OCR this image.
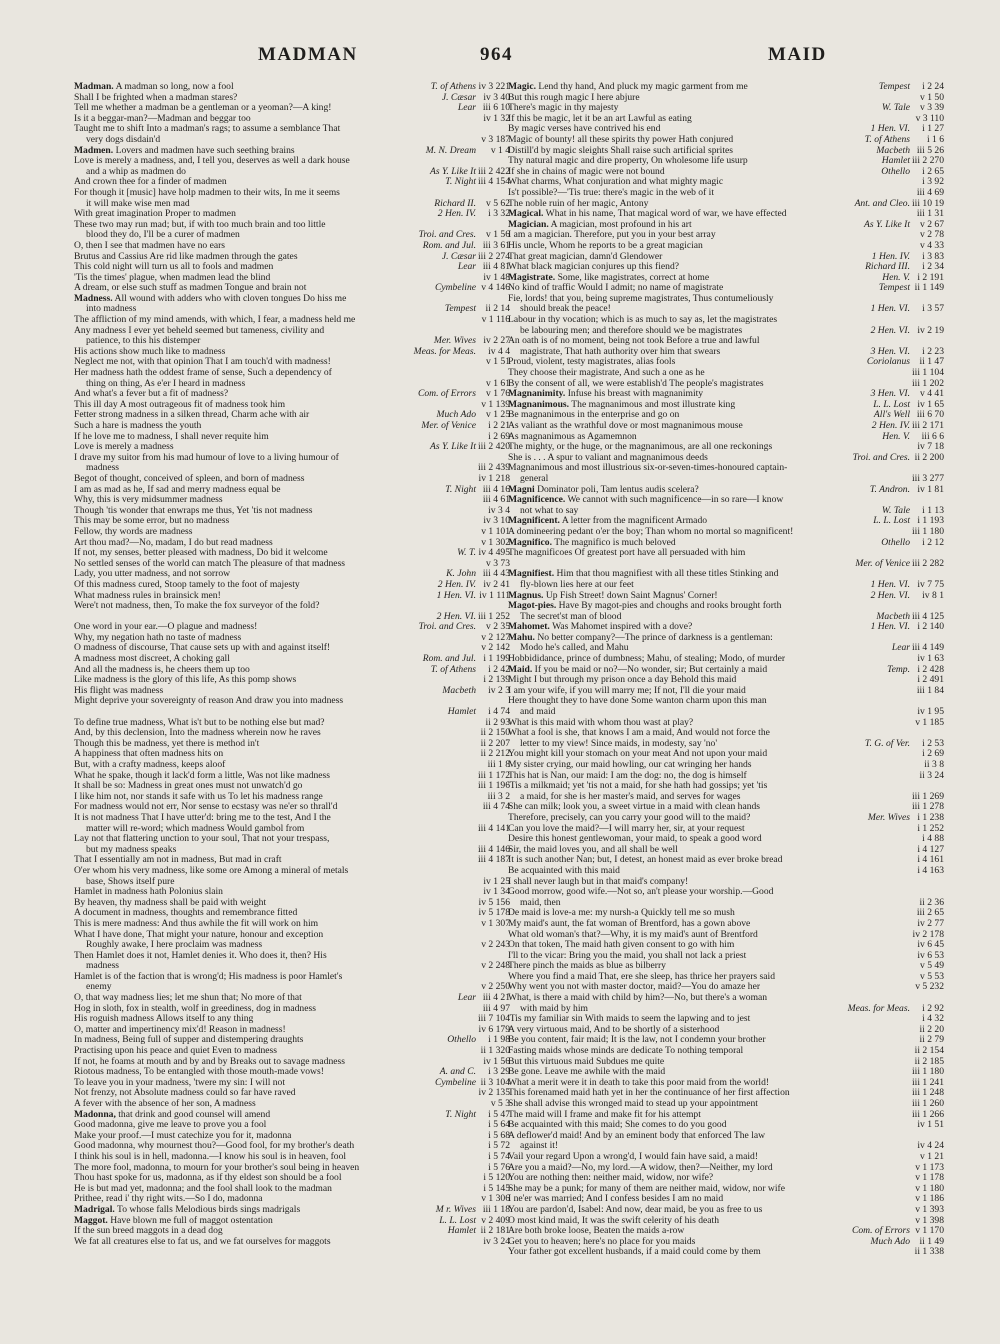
MADMAN	964	MAID
Madman. A madman so long, now a fool	T. of Athens iv 3 221
Shall I be frighted when a madman stares?	J. Cæsar iv 3 40
Tell me whether a madman be a gentleman or a yeoman?—A king!	Lear iii 6 10
Is it a beggar-man?—Madman and beggar too	iv 1 32
Taught me to shift Into a madman's rags; to assume a semblance That
very dogs disdain'd	v 3 187
Madmen. Lovers and madmen have such seething brains	M. N. Dream	v 1 4
Love is merely a madness, and, I tell you, deserves as well a dark house
and a whip as madmen do	As Y. Like It iii 2 422
And crown thee for a finder of madmen	T. Night iii 4 154
For though it [music] have holp madmen to their wits, In me it seems
it will make wise men mad	Richard II.	v 5 62
With great imagination Proper to madmen	2 Hen. IV.	i 3 32
These two may run mad; but, if with too much brain and too little
blood they do, I'll be a curer of madmen	Troi. and Cres.	v 1 56
O, then I see that madmen have no ears	Rom. and Jul. iii 3 61
Brutus and Cassius Are rid like madmen through the gates	J. Cæsar iii 2 274
This cold night will turn us all to fools and madmen	Lear iii 4 81
'Tis the times' plague, when madmen lead the blind	iv 1 48
A dream, or else such stuff as madmen Tongue and brain not	Cymbeline v 4 146
Madness. All wound with adders who with cloven tongues Do hiss me
into madness	Tempest ii 2 14
The affliction of my mind amends, with which, I fear, a madness held me	v 1 116
Any madness I ever yet beheld seemed but tameness, civility and
patience, to this his distemper	Mer. Wives iv 2 27
His actions show much like to madness	Meas. for Meas.	iv 4 4
Neglect me not, with that opinion That I am touch'd with madness!	v 1 51
Her madness hath the oddest frame of sense, Such a dependency of
thing on thing, As e'er I heard in madness	v 1 61
And what's a fever but a fit of madness?	Com. of Errors	v 1 76
This ill day A most outrageous fit of madness took him	v 1 139
Fetter strong madness in a silken thread, Charm ache with air	Much Ado	v 1 25
Such a hare is madness the youth	Mer. of Venice	i 2 21
If he love me to madness, I shall never requite him	i 2 69
Love is merely a madness	As Y. Like It iii 2 420
I drave my suitor from his mad humour of love to a living humour of
madness	iii 2 439
Begot of thought, conceived of spleen, and born of madness	iv 1 218
I am as mad as he, If sad and merry madness equal be	T. Night iii 4 16
Why, this is very midsummer madness	iii 4 61
Though 'tis wonder that enwraps me thus, Yet 'tis not madness	iv 3 4
This may be some error, but no madness	iv 3 10
Fellow, thy words are madness	v 1 101
Art thou mad?—No, madam, I do but read madness	v 1 302
If not, my senses, better pleased with madness, Do bid it welcome	W. T. iv 4 495
No settled senses of the world can match The pleasure of that madness	v 3 73
Lady, you utter madness, and not sorrow	K. John iii 4 43
Of this madness cured, Stoop tamely to the foot of majesty	2 Hen. IV. iv 2 41
What madness rules in brainsick men!	1 Hen. VI. iv 1 111
Were't not madness, then, To make the fox surveyor of the fold?
2 Hen. VI. iii 1 252
One word in your ear.—O plague and madness!	Troi. and Cres.	v 2 35
Why, my negation hath no taste of madness	v 2 127
O madness of discourse, That cause sets up with and against itself!	v 2 142
A madness most discreet, A choking gall	Rom. and Jul. i 1 199
And all the madness is, he cheers them up too	T. of Athens	i 2 42
Like madness is the glory of this life, As this pomp shows	i 2 139
His flight was madness	Macbeth	iv 2 3
Might deprive your sovereignty of reason And draw you into madness
Hamlet	i 4 74
To define true madness, What is't but to be nothing else but mad?	ii 2 93
And, by this declension, Into the madness wherein now he raves	ii 2 150
Though this be madness, yet there is method in't	ii 2 207
A happiness that often madness hits on	ii 2 212
But, with a crafty madness, keeps aloof	iii 1 8
What he spake, though it lack'd form a little, Was not like madness	iii 1 172
It shall be so: Madness in great ones must not unwatch'd go	iii 1 196
I like him not, nor stands it safe with us To let his madness range	iii 3 2
For madness would not err, Nor sense to ecstasy was ne'er so thrall'd	iii 4 74
It is not madness That I have utter'd: bring me to the test, And I the
matter will re-word; which madness Would gambol from	iii 4 141
Lay not that flattering unction to your soul, That not your trespass,
but my madness speaks	iii 4 146
That I essentially am not in madness, But mad in craft	iii 4 187
O'er whom his very madness, like some ore Among a mineral of metals
base, Shows itself pure	iv 1 25
Hamlet in madness hath Polonius slain	iv 1 34
By heaven, thy madness shall be paid with weight	iv 5 156
A document in madness, thoughts and remembrance fitted	iv 5 178
This is mere madness: And thus awhile the fit will work on him	v 1 307
What I have done, That might your nature, honour and exception
Roughly awake, I here proclaim was madness	v 2 243
Then Hamlet does it not, Hamlet denies it. Who does it, then? His
madness	v 2 248
Hamlet is of the faction that is wrong'd; His madness is poor Hamlet's
enemy	v 2 250
O, that way madness lies; let me shun that; No more of that	Lear iii 4 21
Hog in sloth, fox in stealth, wolf in greediness, dog in madness	iii 4 97
His roguish madness Allows itself to any thing	iii 7 104
O, matter and impertinency mix'd! Reason in madness!	iv 6 179
In madness, Being full of supper and distempering draughts	Othello	i 1 98
Practising upon his peace and quiet Even to madness	ii 1 320
If not, he foams at mouth and by and by Breaks out to savage madness	iv 1 56
Riotous madness, To be entangled with those mouth-made vows!	A. and C.	i 3 29
To leave you in your madness, 'twere my sin: I will not	Cymbeline ii 3 104
Not frenzy, not Absolute madness could so far have raved	iv 2 135
A fever with the absence of her son, A madness	v 5 3
Madonna, that drink and good counsel will amend	T. Night	i 5 47
Good madonna, give me leave to prove you a fool	i 5 64
Make your proof.—I must catechize you for it, madonna	i 5 68
Good madonna, why mournest thou?—Good fool, for my brother's death	i 5 72
I think his soul is in hell, madonna.—I know his soul is in heaven, fool	i 5 74
The more fool, madonna, to mourn for your brother's soul being in heaven	i 5 76
Thou hast spoke for us, madonna, as if thy eldest son should be a fool	i 5 120
He is but mad yet, madonna; and the fool shall look to the madman	i 5 145
Prithee, read i' thy right wits.—So I do, madonna	v 1 306
Madrigal. To whose falls Melodious birds sings madrigals	M r. Wives iii 1 18
Maggot. Have blown me full of maggot ostentation	L. L. Lost v 2 409
If the sun breed maggots in a dead dog	Hamlet ii 2 181
We fat all creatures else to fat us, and we fat ourselves for maggots	iv 3 24
Magic. Lend thy hand, And pluck my magic garment from me	Tempest	i 2 24
But this rough magic I here abjure	v 1 50
There's magic in thy majesty	W. Tale	v 3 39
If this be magic, let it be an art Lawful as eating	v 3 110
By magic verses have contrived his end	1 Hen. VI.	i 1 27
Magic of bounty! all these spirits thy power Hath conjured	T. of Athens	i 1 6
Distill'd by magic sleights Shall raise such artificial sprites	Macbeth iii 5 26
Thy natural magic and dire property, On wholesome life usurp	Hamlet iii 2 270
If she in chains of magic were not bound	Othello	i 2 65
What charms, What conjuration and what mighty magic	i 3 92
Is't possible?—'Tis true: there's magic in the web of it	iii 4 69
The noble ruin of her magic, Antony	Ant. and Cleo. iii 10 19
Magical. What in his name, That magical word of war, we have effected	iii 1 31
Magician. A magician, most profound in his art	As Y. Like It	v 2 67
I am a magician. Therefore, put you in your best array	v 2 78
His uncle, Whom he reports to be a great magician	v 4 33
That great magician, damn'd Glendower	1 Hen. IV.	i 3 83
What black magician conjures up this fiend?	Richard III.	i 2 34
Magistrate. Some, like magistrates, correct at home	Hen. V. i 2 191
No kind of traffic Would I admit; no name of magistrate	Tempest ii 1 149
Fie, lords! that you, being supreme magistrates, Thus contumeliously
should break the peace!	1 Hen. VI.	i 3 57
Labour in thy vocation; which is as much to say as, let the magistrates
be labouring men; and therefore should we be magistrates	2 Hen. VI. iv 2 19
An oath is of no moment, being not took Before a true and lawful
magistrate, That hath authority over him that swears	3 Hen. VI.	i 2 23
Proud, violent, testy magistrates, alias fools	Coriolanus ii 1 47
They choose their magistrate, And such a one as he	iii 1 104
By the consent of all, we were establish'd The people's magistrates	iii 1 202
Magnanimity. Infuse his breast with magnanimity	3 Hen. VI.	v 4 41
Magnanimous. The magnanimous and most illustrate king	L. L. Lost iv 1 65
Be magnanimous in the enterprise and go on	All's Well iii 6 70
As valiant as the wrathful dove or most magnanimous mouse	2 Hen. IV. iii 2 171
As magnanimous as Agamemnon	Hen. V.	iii 6 6
The mighty, or the huge, or the magnanimous, are all one reckonings	iv 7 18
She is . . . A spur to valiant and magnanimous deeds	Troi. and Cres. ii 2 200
Magnanimous and most illustrious six-or-seven-times-honoured captain-
general	iii 3 277
Magni Dominator poli, Tam lentus audis scelera?	T. Andron. iv 1 81
Magnificence. We cannot with such magnificence—in so rare—I know
not what to say	W. Tale	i 1 13
Magnificent. A letter from the magnificent Armado	L. L. Lost i 1 193
A domineering pedant o'er the boy; Than whom no mortal so magnificent!	iii 1 180
Magnifico. The magnifico is much beloved	Othello	i 2 12
The magnificoes Of greatest port have all persuaded with him
Mer. of Venice iii 2 282
Magnifiest. Him that thou magnifiest with all these titles Stinking and
fly-blown lies here at our feet	1 Hen. VI. iv 7 75
Magnus. Up Fish Street! down Saint Magnus' Corner!	2 Hen. VI.	iv 8 1
Magot-pies. Have By magot-pies and choughs and rooks brought forth
The secret'st man of blood	Macbeth iii 4 125
Mahomet. Was Mahomet inspired with a dove?	1 Hen. VI. i 2 140
Mahu. No better company?—The prince of darkness is a gentleman:
Modo he's called, and Mahu	Lear iii 4 149
Hobbididance, prince of dumbness; Mahu, of stealing; Modo, of murder	iv 1 63
Maid. If you be maid or no?—No wonder, sir; But certainly a maid	Temp. i 2 428
Might I but through my prison once a day Behold this maid	i 2 491
I am your wife, if you will marry me; If not, I'll die your maid	iii 1 84
Here thought they to have done Some wanton charm upon this man
and maid	iv 1 95
What is this maid with whom thou wast at play?	v 1 185
What a fool is she, that knows I am a maid, And would not force the
letter to my view! Since maids, in modesty, say 'no'	T. G. of Ver.	i 2 53
You might kill your stomach on your meat And not upon your maid	i 2 69
My sister crying, our maid howling, our cat wringing her hands	ii 3 8
This hat is Nan, our maid: I am the dog: no, the dog is himself	ii 3 24
'Tis a milkmaid; yet 'tis not a maid, for she hath had gossips; yet 'tis
a maid, for she is her master's maid, and serves for wages	iii 1 269
She can milk; look you, a sweet virtue in a maid with clean hands	iii 1 278
Therefore, precisely, can you carry your good will to the maid?	Mer. Wives i 1 238
Can you love the maid?—I will marry her, sir, at your request	i 1 252
Desire this honest gentlewoman, your maid, to speak a good word	i 4 88
Sir, the maid loves you, and all shall be well	i 4 127
It is such another Nan; but, I detest, an honest maid as ever broke bread	i 4 161
Be acquainted with this maid	i 4 163
I shall never laugh but in that maid's company!
Good morrow, good wife.—Not so, an't please your worship.—Good
maid, then	ii 2 36
De maid is love-a me: my nursh-a Quickly tell me so mush	iii 2 65
My maid's aunt, the fat woman of Brentford, has a gown above	iv 2 77
What old woman's that?—Why, it is my maid's aunt of Brentford	iv 2 178
On that token, The maid hath given consent to go with him	iv 6 45
I'll to the vicar: Bring you the maid, you shall not lack a priest	iv 6 53
There pinch the maids as blue as bilberry	v 5 49
Where you find a maid That, ere she sleep, has thrice her prayers said	v 5 53
Why went you not with master doctor, maid?—You do amaze her	v 5 232
What, is there a maid with child by him?—No, but there's a woman
with maid by him	Meas. for Meas.	i 2 92
'Tis my familiar sin With maids to seem the lapwing and to jest	i 4 32
A very virtuous maid, And to be shortly of a sisterhood	ii 2 20
Be you content, fair maid; It is the law, not I condemn your brother	ii 2 79
Fasting maids whose minds are dedicate To nothing temporal	ii 2 154
But this virtuous maid Subdues me quite	ii 2 185
Be gone. Leave me awhile with the maid	iii 1 180
What a merit were it in death to take this poor maid from the world!	iii 1 241
This forenamed maid hath yet in her the continuance of her first affection	iii 1 248
She shall advise this wronged maid to stead up your appointment	iii 1 260
The maid will I frame and make fit for his attempt	iii 1 266
Be acquainted with this maid; She comes to do you good	iv 1 51
A deflower'd maid! And by an eminent body that enforced The law
against it!	iv 4 24
Vail your regard Upon a wrong'd, I would fain have said, a maid!	v 1 21
Are you a maid?—No, my lord.—A widow, then?—Neither, my lord	v 1 173
You are nothing then: neither maid, widow, nor wife?	v 1 178
She may be a punk; for many of them are neither maid, widow, nor wife	v 1 180
I ne'er was married; And I confess besides I am no maid	v 1 186
You are pardon'd, Isabel: And now, dear maid, be you as free to us	v 1 393
O most kind maid, It was the swift celerity of his death	v 1 398
Are both broke loose, Beaten the maids a-row	Com. of Errors v 1 170
Get you to heaven; here's no place for you maids	Much Ado ii 1 49
Your father got excellent husbands, if a maid could come by them	ii 1 338
